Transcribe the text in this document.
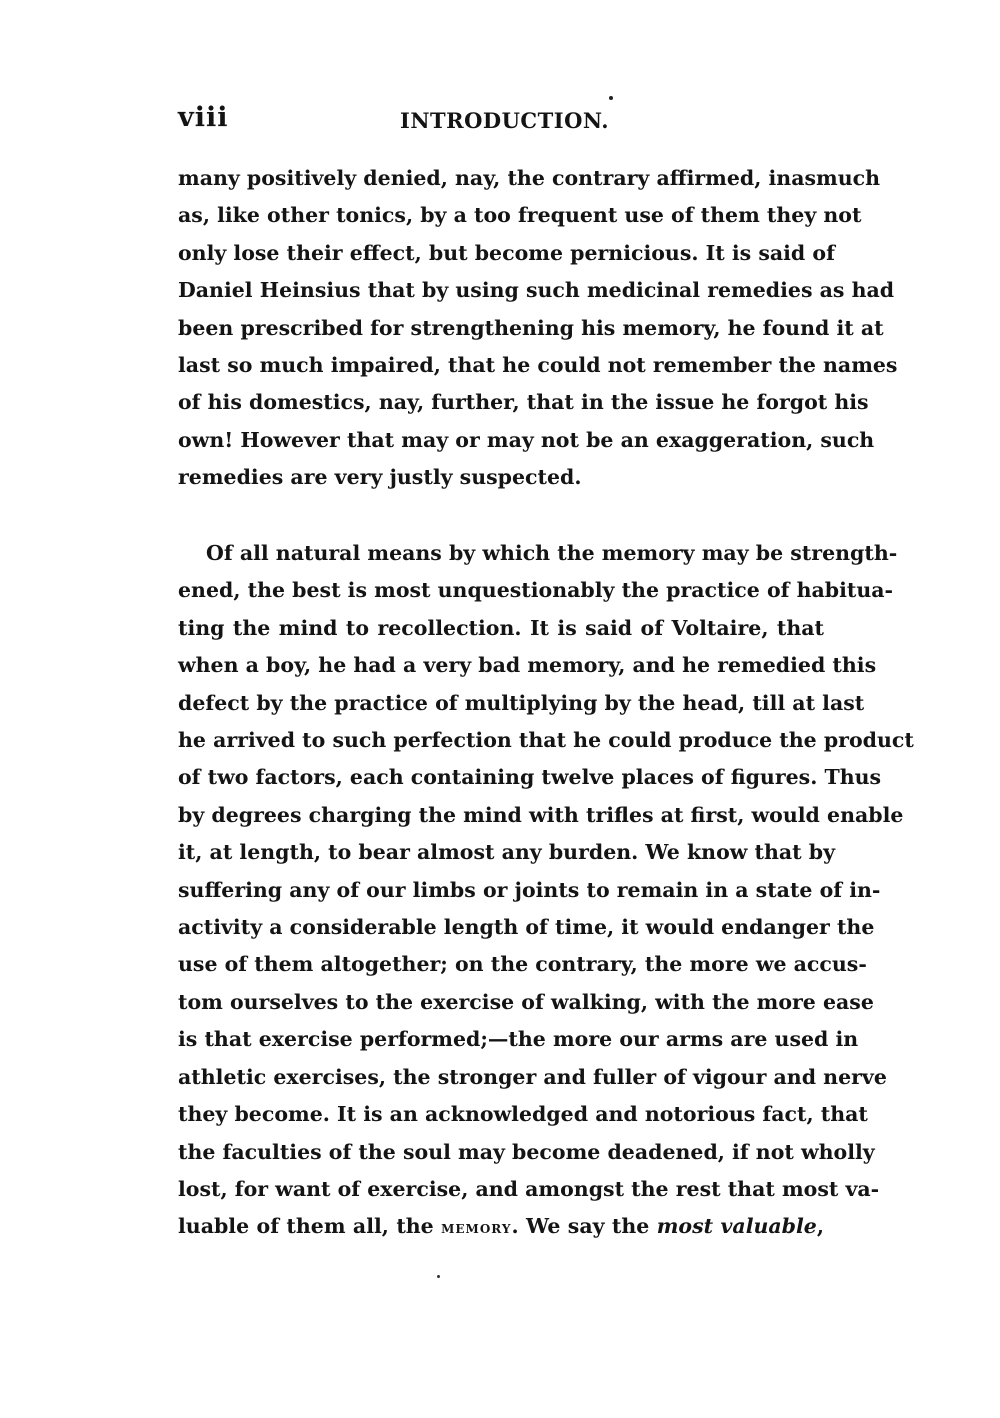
viii	INTRODUCTION.

many positively denied, nay, the contrary affirmed, inasmuch
as, like other tonics, by a too frequent use of them they not
only lose their effect, but become pernicious. It is said of
Daniel Heinsius that by using such medicinal remedies as had
been prescribed for strengthening his memory, he found it at
last so much impaired, that he could not remember the names
of his domestics, nay, further, that in the issue he forgot his
own! However that may or may not be an exaggeration, such
remedies are very justly suspected.

Of all natural means by which the memory may be strength-
ened, the best is most unquestionably the practice of habitua-
ting the mind to recollection. It is said of Voltaire, that
when a boy, he had a very bad memory, and he remedied this
defect by the practice of multiplying by the head, till at last
he arrived to such perfection that he could produce the product
of two factors, each containing twelve places of figures. Thus
by degrees charging the mind with trifles at first, would enable
it, at length, to bear almost any burden. We know that by
suffering any of our limbs or joints to remain in a state of in-
activity a considerable length of time, it would endanger the
use of them altogether; on the contrary, the more we accus-
tom ourselves to the exercise of walking, with the more ease
is that exercise performed;—the more our arms are used in
athletic exercises, the stronger and fuller of vigour and nerve
they become. It is an acknowledged and notorious fact, that
the faculties of the soul may become deadened, if not wholly
lost, for want of exercise, and amongst the rest that most va-
luable of them all, the memory. We say the most valuable,
